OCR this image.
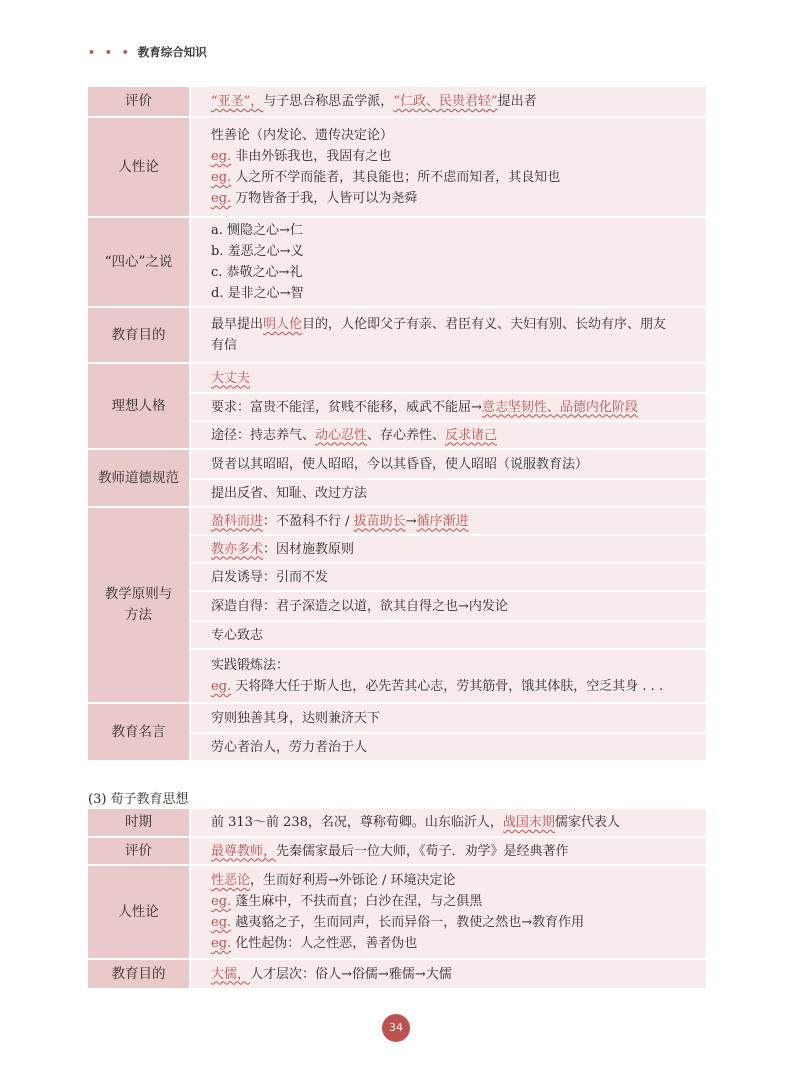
• • • 教育综合知识
评价	“亚圣”，与子思合称思孟学派，“仁政、民贵君轻”提出者

人性论	性善论（内发论、遗传决定论）
eg. 非由外铄我也，我固有之也
eg. 人之所不学而能者，其良能也；所不虑而知者，其良知也
eg. 万物皆备于我，人皆可以为尧舜

“四心”之说	a. 恻隐之心→仁
b. 羞恶之心→义
c. 恭敬之心→礼
d. 是非之心→智

教育目的	最早提出明人伦目的，人伦即父子有亲、君臣有义、夫妇有别、长幼有序、朋友
有信

理想人格	大丈夫

	要求：富贵不能淫，贫贱不能移，威武不能屈→意志坚韧性、品德内化阶段

	途径：持志养气、动心忍性、存心养性、反求诸己

教师道德规范	贤者以其昭昭，使人昭昭，今以其昏昏，使人昭昭（说服教育法）

	提出反省、知耻、改过方法

教学原则与方法	盈科而进：不盈科不行 / 拔苗助长→循序渐进

	教亦多术：因材施教原则

	启发诱导：引而不发

	深造自得：君子深造之以道，欲其自得之也→内发论

	专心致志

	实践锻炼法：
eg. 天将降大任于斯人也，必先苦其心志，劳其筋骨，饿其体肤，空乏其身 . . .

教育名言	穷则独善其身，达则兼济天下

	劳心者治人，劳力者治于人
(3) 荀子教育思想
时期	前 313～前 238，名况，尊称荀卿。山东临沂人，战国末期儒家代表人

评价	最尊教师，先秦儒家最后一位大师，《荀子．劝学》是经典著作

人性论	性恶论，生而好利焉→外铄论 / 环境决定论
eg. 蓬生麻中，不扶而直；白沙在涅，与之俱黑
eg. 越夷貉之子，生而同声，长而异俗一，教使之然也→教育作用
eg. 化性起伪：人之性恶，善者伪也

教育目的	大儒，人才层次：俗人→俗儒→雅儒→大儒
34
